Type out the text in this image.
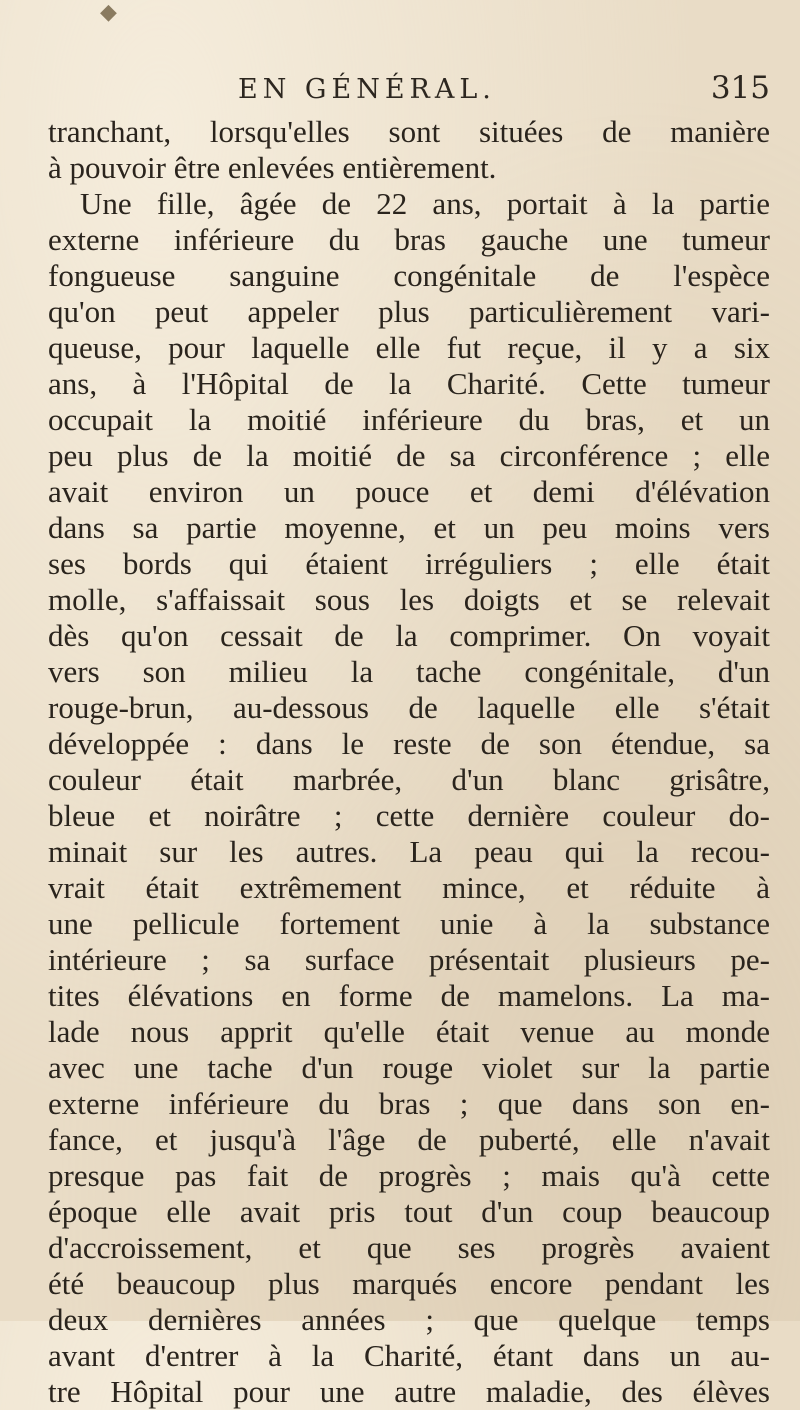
◆
EN GÉNÉRAL.	315
tranchant, lorsqu'elles sont situées de manière
à pouvoir être enlevées entièrement.
Une fille, âgée de 22 ans, portait à la partie
externe inférieure du bras gauche une tumeur
fongueuse sanguine congénitale de l'espèce
qu'on peut appeler plus particulièrement vari-
queuse, pour laquelle elle fut reçue, il y a six
ans, à l'Hôpital de la Charité. Cette tumeur
occupait la moitié inférieure du bras, et un
peu plus de la moitié de sa circonférence ; elle
avait environ un pouce et demi d'élévation
dans sa partie moyenne, et un peu moins vers
ses bords qui étaient irréguliers ; elle était
molle, s'affaissait sous les doigts et se relevait
dès qu'on cessait de la comprimer. On voyait
vers son milieu la tache congénitale, d'un
rouge-brun, au-dessous de laquelle elle s'était
développée : dans le reste de son étendue, sa
couleur était marbrée, d'un blanc grisâtre,
bleue et noirâtre ; cette dernière couleur do-
minait sur les autres. La peau qui la recou-
vrait était extrêmement mince, et réduite à
une pellicule fortement unie à la substance
intérieure ; sa surface présentait plusieurs pe-
tites élévations en forme de mamelons. La ma-
lade nous apprit qu'elle était venue au monde
avec une tache d'un rouge violet sur la partie
externe inférieure du bras ; que dans son en-
fance, et jusqu'à l'âge de puberté, elle n'avait
presque pas fait de progrès ; mais qu'à cette
époque elle avait pris tout d'un coup beaucoup
d'accroissement, et que ses progrès avaient
été beaucoup plus marqués encore pendant les
deux dernières années ; que quelque temps
avant d'entrer à la Charité, étant dans un au-
tre Hôpital pour une autre maladie, des élèves
